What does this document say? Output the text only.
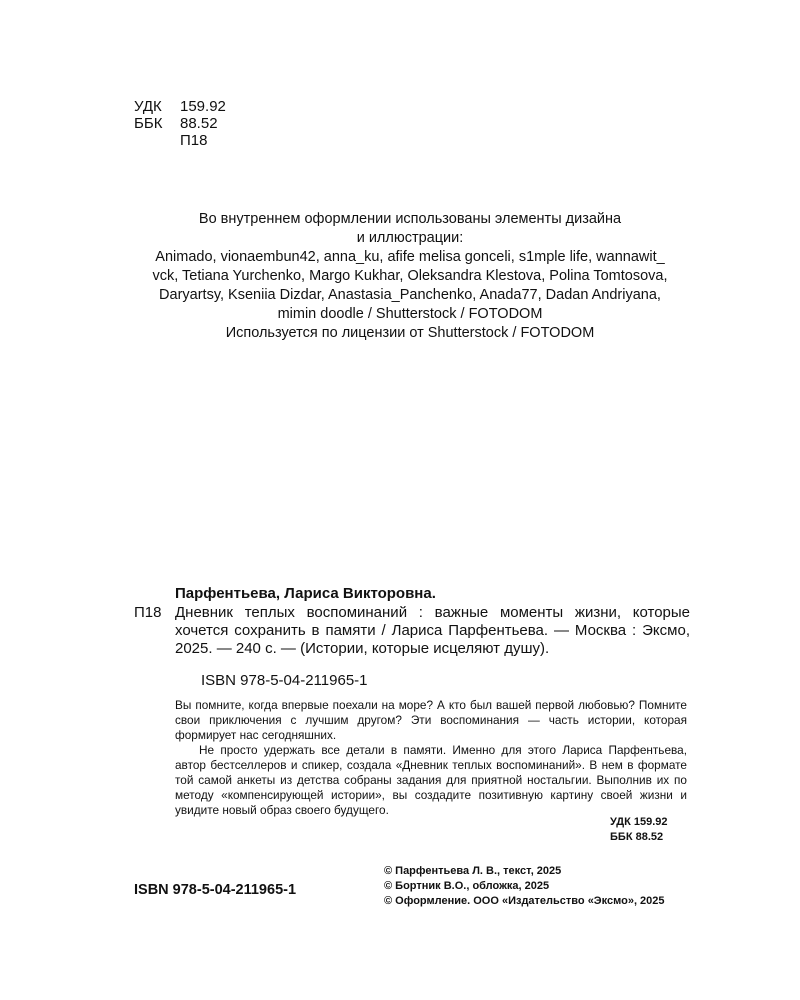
УДК	159.92
ББК	88.52
П18
Во внутреннем оформлении использованы элементы дизайна
и иллюстрации:
Animado, vionaembun42, anna_ku, afife melisa gonceli, s1mple life, wannawit_
vck, Tetiana Yurchenko, Margo Kukhar, Oleksandra Klestova, Polina Tomtosova,
Daryartsy, Kseniia Dizdar, Anastasia_Panchenko, Anada77, Dadan Andriyana,
mimin doodle / Shutterstock / FOTODOM
Используется по лицензии от Shutterstock / FOTODOM
Парфентьева, Лариса Викторовна.
П18 Дневник теплых воспоминаний : важные моменты жизни, которые хочется сохранить в памяти / Лариса Парфентьева. — Москва : Эксмо, 2025. — 240 с. — (Истории, которые исцеляют душу).
ISBN 978-5-04-211965-1

Вы помните, когда впервые поехали на море? А кто был вашей первой любовью? Помните свои приключения с лучшим другом? Эти воспоминания — часть истории, которая формирует нас сегодняшних.

Не просто удержать все детали в памяти. Именно для этого Лариса Парфентьева, автор бестселлеров и спикер, создала «Дневник теплых воспоминаний». В нем в формате той самой анкеты из детства собраны задания для приятной ностальгии. Выполнив их по методу «компенсирующей истории», вы создадите позитивную картину своей жизни и увидите новый образ своего будущего.

УДК 159.92
ББК 88.52
© Парфентьева Л. В., текст, 2025
© Бортник В.О., обложка, 2025
© Оформление. ООО «Издательство «Эксмо», 2025
ISBN 978-5-04-211965-1
